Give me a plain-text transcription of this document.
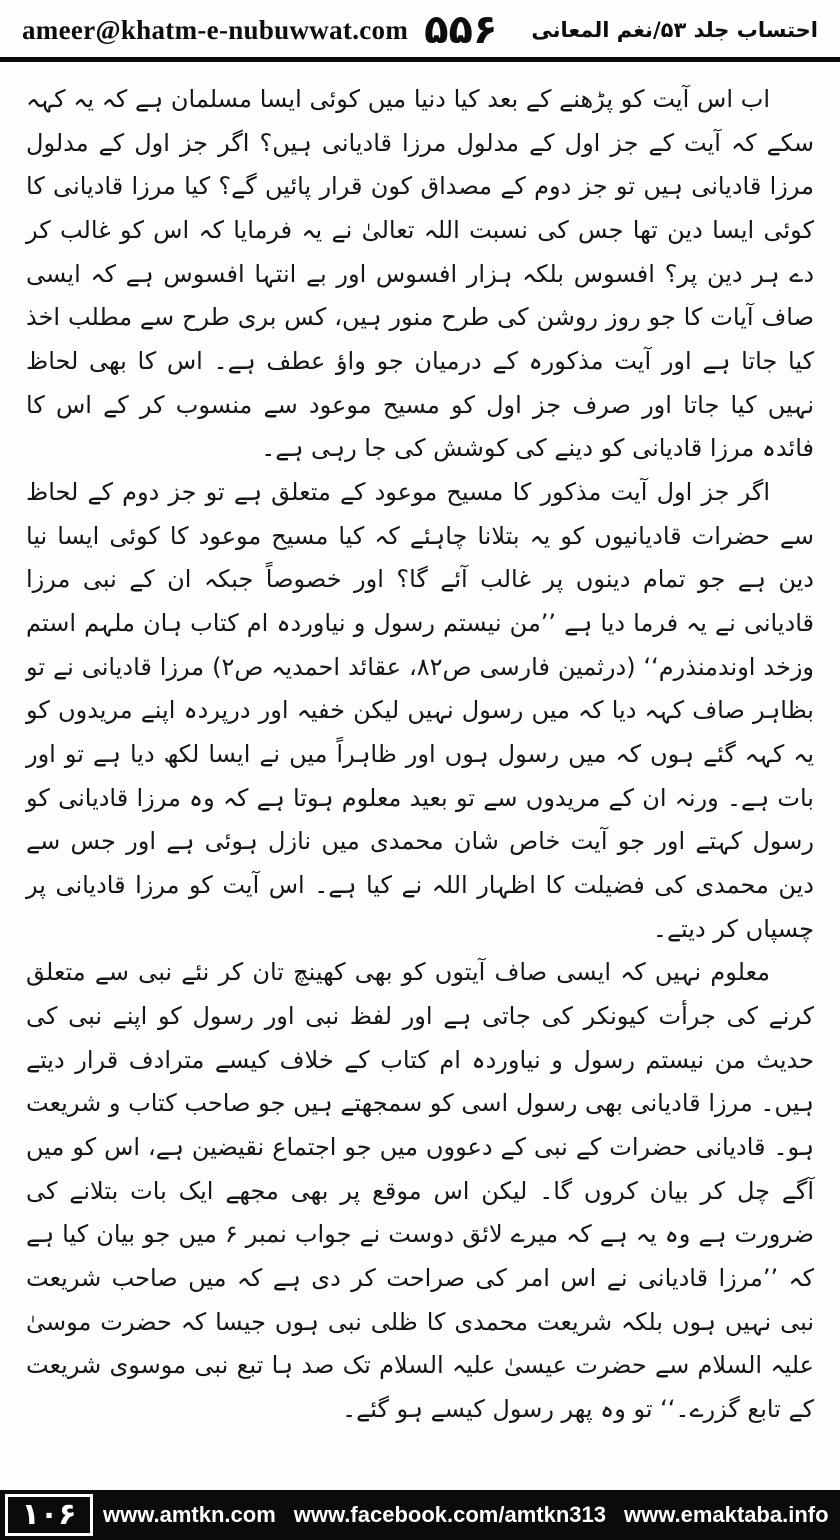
ameer@khatm-e-nubuwwat.com ۵۵۶ احتساب جلد ۵۳/نغم المعانی

اب اس آیت کو پڑھنے کے بعد کیا دنیا میں کوئی ایسا مسلمان ہے کہ یہ کہہ سکے کہ آیت کے جز اول کے مدلول مرزا قادیانی ہیں؟ اگر جز اول کے مدلول مرزا قادیانی ہیں تو جز دوم کے مصداق کون قرار پائیں گے؟ کیا مرزا قادیانی کا کوئی ایسا دین تھا جس کی نسبت اللہ تعالیٰ نے یہ فرمایا کہ اس کو غالب کر دے ہر دین پر؟ افسوس بلکہ ہزار افسوس اور بے انتہا افسوس ہے کہ ایسی صاف آیات کا جو روز روشن کی طرح منور ہیں، کس بری طرح سے مطلب اخذ کیا جاتا ہے اور آیت مذکورہ کے درمیان جو واؤ عطف ہے۔ اس کا بھی لحاظ نہیں کیا جاتا اور صرف جز اول کو مسیح موعود سے منسوب کر کے اس کا فائدہ مرزا قادیانی کو دینے کی کوشش کی جا رہی ہے۔

اگر جز اول آیت مذکور کا مسیح موعود کے متعلق ہے تو جز دوم کے لحاظ سے حضرات قادیانیوں کو یہ بتلانا چاہئے کہ کیا مسیح موعود کا کوئی ایسا نیا دین ہے جو تمام دینوں پر غالب آئے گا؟ اور خصوصاً جبکہ ان کے نبی مرزا قادیانی نے یہ فرما دیا ہے ’’من نیستم رسول و نیاوردہ ام کتاب ہان ملہم استم وزخد اوندمنذرم‘‘ (درثمین فارسی ص۸۲، عقائد احمدیہ ص۲) مرزا قادیانی نے تو بظاہر صاف کہہ دیا کہ میں رسول نہیں لیکن خفیہ اور درپردہ اپنے مریدوں کو یہ کہہ گئے ہوں کہ میں رسول ہوں اور ظاہراً میں نے ایسا لکھ دیا ہے تو اور بات ہے۔ ورنہ ان کے مریدوں سے تو بعید معلوم ہوتا ہے کہ وہ مرزا قادیانی کو رسول کہتے اور جو آیت خاص شان محمدی میں نازل ہوئی ہے اور جس سے دین محمدی کی فضیلت کا اظہار اللہ نے کیا ہے۔ اس آیت کو مرزا قادیانی پر چسپاں کر دیتے۔

معلوم نہیں کہ ایسی صاف آیتوں کو بھی کھینچ تان کر نئے نبی سے متعلق کرنے کی جرأت کیونکر کی جاتی ہے اور لفظ نبی اور رسول کو اپنے نبی کی حدیث من نیستم رسول و نیاوردہ ام کتاب کے خلاف کیسے مترادف قرار دیتے ہیں۔ مرزا قادیانی بھی رسول اسی کو سمجھتے ہیں جو صاحب کتاب و شریعت ہو۔ قادیانی حضرات کے نبی کے دعووں میں جو اجتماع نقیضین ہے، اس کو میں آگے چل کر بیان کروں گا۔ لیکن اس موقع پر بھی مجھے ایک بات بتلانے کی ضرورت ہے وہ یہ ہے کہ میرے لائق دوست نے جواب نمبر ۶ میں جو بیان کیا ہے کہ ’’مرزا قادیانی نے اس امر کی صراحت کر دی ہے کہ میں صاحب شریعت نبی نہیں ہوں بلکہ شریعت محمدی کا ظلی نبی ہوں جیسا کہ حضرت موسیٰ علیہ السلام سے حضرت عیسیٰ علیہ السلام تک صد ہا تبع نبی موسوی شریعت کے تابع گزرے۔‘‘ تو وہ پھر رسول کیسے ہو گئے۔

۱۰۶	www.amtkn.com www.facebook.com/amtkn313 www.emaktaba.info
